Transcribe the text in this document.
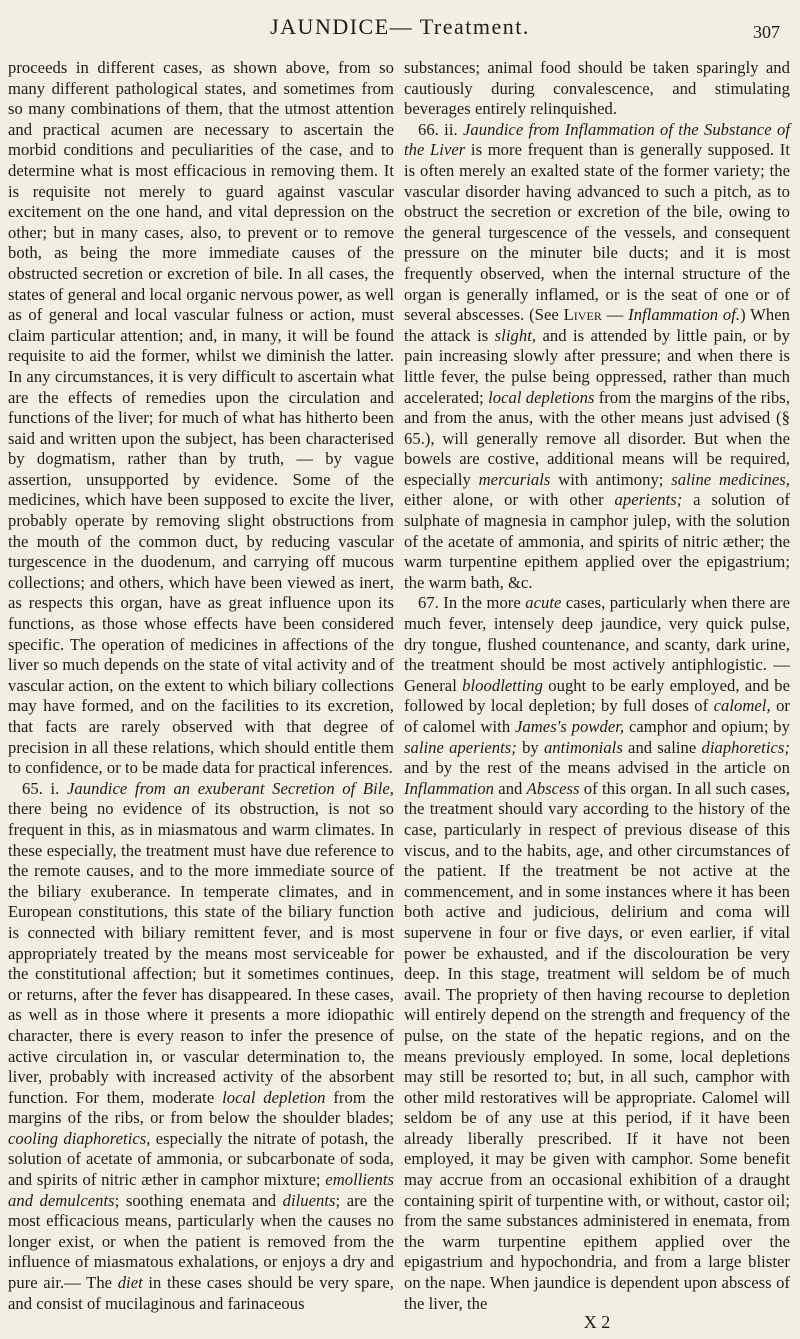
JAUNDICE— Treatment.	307

proceeds in different cases, as shown above, from so many different pathological states, and sometimes from so many combinations of them, that the utmost attention and practical acumen are necessary to ascertain the morbid conditions and peculiarities of the case, and to determine what is most efficacious in removing them. It is requisite not merely to guard against vascular excitement on the one hand, and vital depression on the other; but in many cases, also, to prevent or to remove both, as being the more immediate causes of the obstructed secretion or excretion of bile. In all cases, the states of general and local organic nervous power, as well as of general and local vascular fulness or action, must claim particular attention; and, in many, it will be found requisite to aid the former, whilst we diminish the latter. In any circumstances, it is very difficult to ascertain what are the effects of remedies upon the circulation and functions of the liver; for much of what has hitherto been said and written upon the subject, has been characterised by dogmatism, rather than by truth, — by vague assertion, unsupported by evidence. Some of the medicines, which have been supposed to excite the liver, probably operate by removing slight obstructions from the mouth of the common duct, by reducing vascular turgescence in the duodenum, and carrying off mucous collections; and others, which have been viewed as inert, as respects this organ, have as great influence upon its functions, as those whose effects have been considered specific. The operation of medicines in affections of the liver so much depends on the state of vital activity and of vascular action, on the extent to which biliary collections may have formed, and on the facilities to its excretion, that facts are rarely observed with that degree of precision in all these relations, which should entitle them to confidence, or to be made data for practical inferences.

65. i. Jaundice from an exuberant Secretion of Bile, there being no evidence of its obstruction, is not so frequent in this, as in miasmatous and warm climates. In these especially, the treatment must have due reference to the remote causes, and to the more immediate source of the biliary exuberance. In temperate climates, and in European constitutions, this state of the biliary function is connected with biliary remittent fever, and is most appropriately treated by the means most serviceable for the constitutional affection; but it sometimes continues, or returns, after the fever has disappeared. In these cases, as well as in those where it presents a more idiopathic character, there is every reason to infer the presence of active circulation in, or vascular determination to, the liver, probably with increased activity of the absorbent function. For them, moderate local depletion from the margins of the ribs, or from below the shoulder blades; cooling diaphoretics, especially the nitrate of potash, the solution of acetate of ammonia, or subcarbonate of soda, and spirits of nitric æther in camphor mixture; emollients and demulcents; soothing enemata and diluents; are the most efficacious means, particularly when the causes no longer exist, or when the patient is removed from the influence of miasmatous exhalations, or enjoys a dry and pure air.— The diet in these cases should be very spare, and consist of mucilaginous and farinaceous

substances; animal food should be taken sparingly and cautiously during convalescence, and stimulating beverages entirely relinquished.

66. ii. Jaundice from Inflammation of the Substance of the Liver is more frequent than is generally supposed. It is often merely an exalted state of the former variety; the vascular disorder having advanced to such a pitch, as to obstruct the secretion or excretion of the bile, owing to the general turgescence of the vessels, and consequent pressure on the minuter bile ducts; and it is most frequently observed, when the internal structure of the organ is generally inflamed, or is the seat of one or of several abscesses. (See Liver — Inflammation of.) When the attack is slight, and is attended by little pain, or by pain increasing slowly after pressure; and when there is little fever, the pulse being oppressed, rather than much accelerated; local depletions from the margins of the ribs, and from the anus, with the other means just advised (§ 65.), will generally remove all disorder. But when the bowels are costive, additional means will be required, especially mercurials with antimony; saline medicines, either alone, or with other aperients; a solution of sulphate of magnesia in camphor julep, with the solution of the acetate of ammonia, and spirits of nitric æther; the warm turpentine epithem applied over the epigastrium; the warm bath, &c.

67. In the more acute cases, particularly when there are much fever, intensely deep jaundice, very quick pulse, dry tongue, flushed countenance, and scanty, dark urine, the treatment should be most actively antiphlogistic. — General bloodletting ought to be early employed, and be followed by local depletion; by full doses of calomel, or of calomel with James's powder, camphor and opium; by saline aperients; by antimonials and saline diaphoretics; and by the rest of the means advised in the article on Inflammation and Abscess of this organ. In all such cases, the treatment should vary according to the history of the case, particularly in respect of previous disease of this viscus, and to the habits, age, and other circumstances of the patient. If the treatment be not active at the commencement, and in some instances where it has been both active and judicious, delirium and coma will supervene in four or five days, or even earlier, if vital power be exhausted, and if the discolouration be very deep. In this stage, treatment will seldom be of much avail. The propriety of then having recourse to depletion will entirely depend on the strength and frequency of the pulse, on the state of the hepatic regions, and on the means previously employed. In some, local depletions may still be resorted to; but, in all such, camphor with other mild restoratives will be appropriate. Calomel will seldom be of any use at this period, if it have been already liberally prescribed. If it have not been employed, it may be given with camphor. Some benefit may accrue from an occasional exhibition of a draught containing spirit of turpentine with, or without, castor oil; from the same substances administered in enemata, from the warm turpentine epithem applied over the epigastrium and hypochondria, and from a large blister on the nape. When jaundice is dependent upon abscess of the liver, the

X 2
